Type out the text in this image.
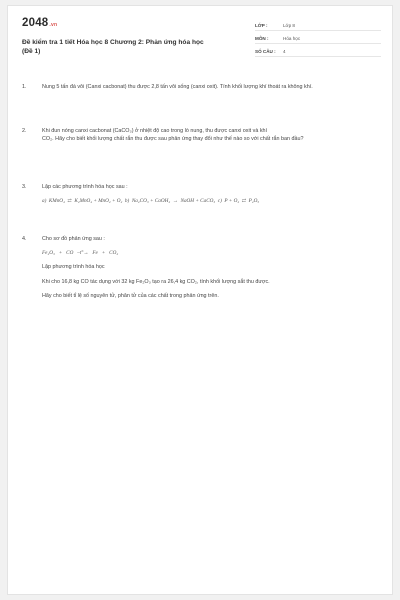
2048.vn
Đề kiểm tra 1 tiết Hóa học 8 Chương 2: Phản ứng hóa học
(Đề 1)
LỚP :	Lớp 8
MÔN :	Hóa học
SỐ CÂU :	4
1.	Nung 5 tấn đá vôi (Canxi cacbonat) thu được 2,8 tấn vôi sống (canxi oxit). Tính khối lượng khí thoát ra không khí.

2.	Khi đun nóng canxi cacbonat (CaCO₃) ở nhiệt độ cao trong lò nung, thu được canxi oxit và khí
CO₂. Hãy cho biết khối lượng chất rắn thu được sau phản ứng thay đổi như thế nào so với chất rắn ban đầu?
3.	Lập các phương trình hóa học sau :

a)  KMnO₄  ⇄  K₂MnO₄ + MnO₂ + O₂  b)  Na₂CO₃ + CaOH₂  →  NaOH + CaCO₃  c)  P + O₂  ⇄  P₂O₅
4.	Cho sơ đồ phản ứng sau :

Fe₂O₃   +   CO   –t°→   Fe   +   CO₂

Lập phương trình hóa học

Khi cho 16,8 kg CO tác dụng với 32 kg Fe₂O₃ tạo ra 26,4 kg CO₂, tính khối lượng sắt thu được.

Hãy cho biết tỉ lệ số nguyên tử, phân tử của các chất trong phản ứng trên.
